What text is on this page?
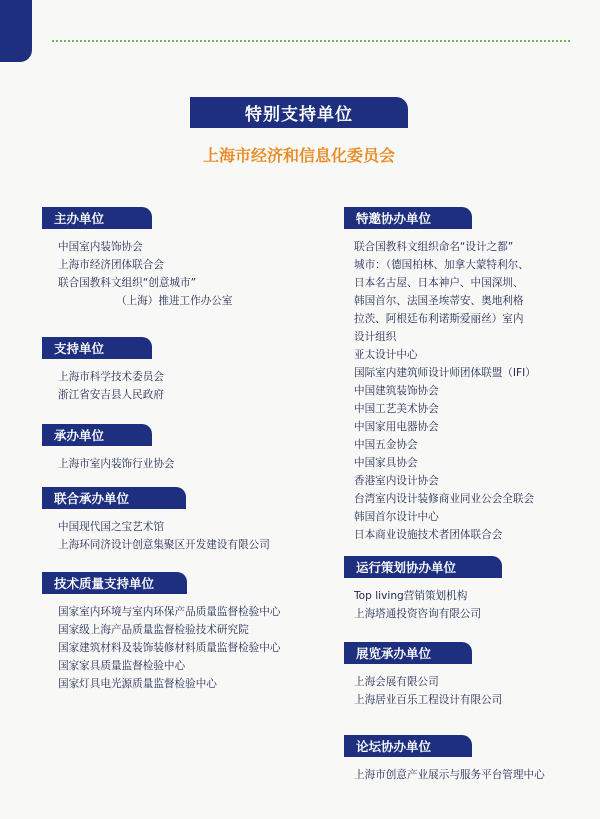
特别支持单位
上海市经济和信息化委员会
主办单位
中国室内装饰协会
上海市经济团体联合会
联合国教科文组织“创意城市”
（上海）推进工作办公室
支持单位
上海市科学技术委员会
浙江省安吉县人民政府
承办单位
上海市室内装饰行业协会
联合承办单位
中国现代国之宝艺术馆
上海环同济设计创意集聚区开发建设有限公司
技术质量支持单位
国家室内环境与室内环保产品质量监督检验中心
国家级上海产品质量监督检验技术研究院
国家建筑材料及装饰装修材料质量监督检验中心
国家家具质量监督检验中心
国家灯具电光源质量监督检验中心
特邀协办单位
联合国教科文组织命名“设计之都”
城市：（德国柏林、加拿大蒙特利尔、
日本名古屋、日本神户、中国深圳、
韩国首尔、法国圣埃蒂安、奥地利格
拉茨、阿根廷布利诺斯爱丽丝）室内
设计组织
亚太设计中心
国际室内建筑师设计师团体联盟（IFI）
中国建筑装饰协会
中国工艺美术协会
中国家用电器协会
中国五金协会
中国家具协会
香港室内设计协会
台湾室内设计装修商业同业公会全联会
韩国首尔设计中心
日本商业设施技术者团体联合会
运行策划协办单位
Top living营销策划机构
上海塔通投资咨询有限公司
展览承办单位
上海会展有限公司
上海居业百乐工程设计有限公司
论坛协办单位
上海市创意产业展示与服务平台管理中心
